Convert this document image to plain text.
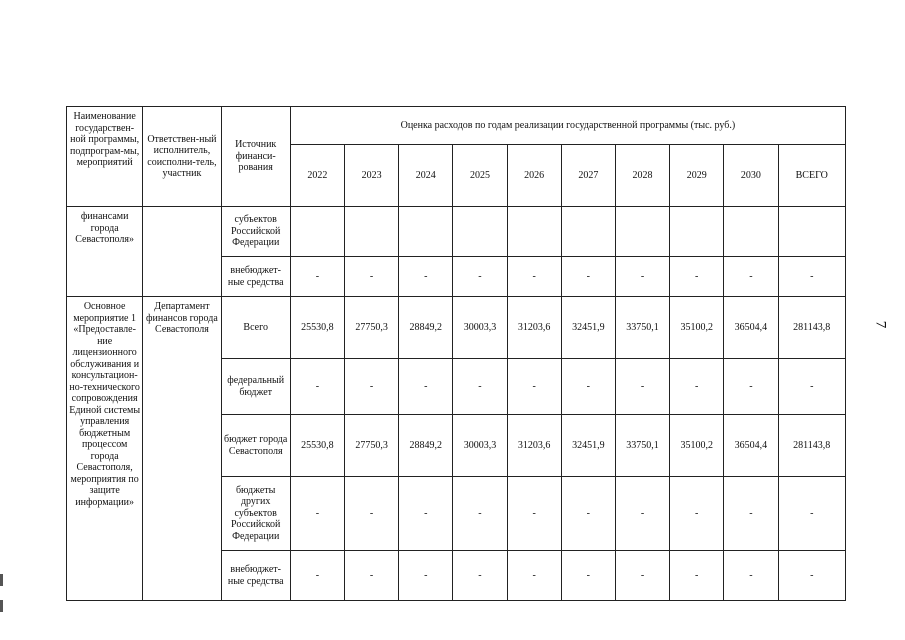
7
Наименование государствен-ной программы, подпрограм-мы, мероприятий	Ответствен-ный исполнитель, соисполни-тель, участник	Источник финанси-рования	Оценка расходов по годам реализации государственной программы (тыс. руб.)									
			2022	2023	2024	2025	2026	2027	2028	2029	2030	ВСЕГО
финансами города Севастополя»		субъектов Российской Федерации										
		внебюджет-ные средства	-	-	-	-	-	-	-	-	-	-
Основное мероприятие 1 «Предоставле-ние лицензионного обслуживания и консультацион-но-технического сопровождения Единой системы управления бюджетным процессом города Севастополя, мероприятия по защите информации»	Департамент финансов города Севастополя	Всего	25530,8	27750,3	28849,2	30003,3	31203,6	32451,9	33750,1	35100,2	36504,4	281143,8
		федеральный бюджет	-	-	-	-	-	-	-	-	-	-
		бюджет города Севастополя	25530,8	27750,3	28849,2	30003,3	31203,6	32451,9	33750,1	35100,2	36504,4	281143,8
		бюджеты других субъектов Российской Федерации	-	-	-	-	-	-	-	-	-	-
		внебюджет-ные средства	-	-	-	-	-	-	-	-	-	-
